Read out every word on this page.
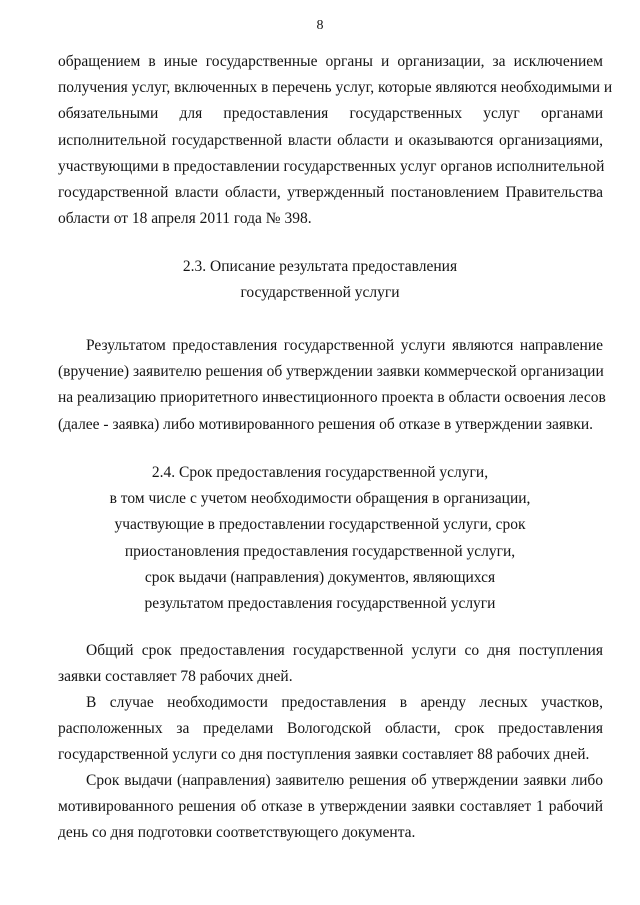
8
обращением в иные государственные органы и организации, за исключением
получения услуг, включенных в перечень услуг, которые являются необходимыми и
обязательными для предоставления государственных услуг органами
исполнительной государственной власти области и оказываются организациями,
участвующими в предоставлении государственных услуг органов исполнительной
государственной власти области, утвержденный постановлением Правительства
области от 18 апреля 2011 года № 398.
2.3. Описание результата предоставления
государственной услуги
Результатом предоставления государственной услуги являются направление
(вручение) заявителю решения об утверждении заявки коммерческой организации
на реализацию приоритетного инвестиционного проекта в области освоения лесов
(далее - заявка) либо мотивированного решения об отказе в утверждении заявки.
2.4. Срок предоставления государственной услуги,
в том числе с учетом необходимости обращения в организации,
участвующие в предоставлении государственной услуги, срок
приостановления предоставления государственной услуги,
срок выдачи (направления) документов, являющихся
результатом предоставления государственной услуги
Общий срок предоставления государственной услуги со дня поступления
заявки составляет 78 рабочих дней.
В случае необходимости предоставления в аренду лесных участков,
расположенных за пределами Вологодской области, срок предоставления
государственной услуги со дня поступления заявки составляет 88 рабочих дней.
Срок выдачи (направления) заявителю решения об утверждении заявки либо
мотивированного решения об отказе в утверждении заявки составляет 1 рабочий
день со дня подготовки соответствующего документа.
